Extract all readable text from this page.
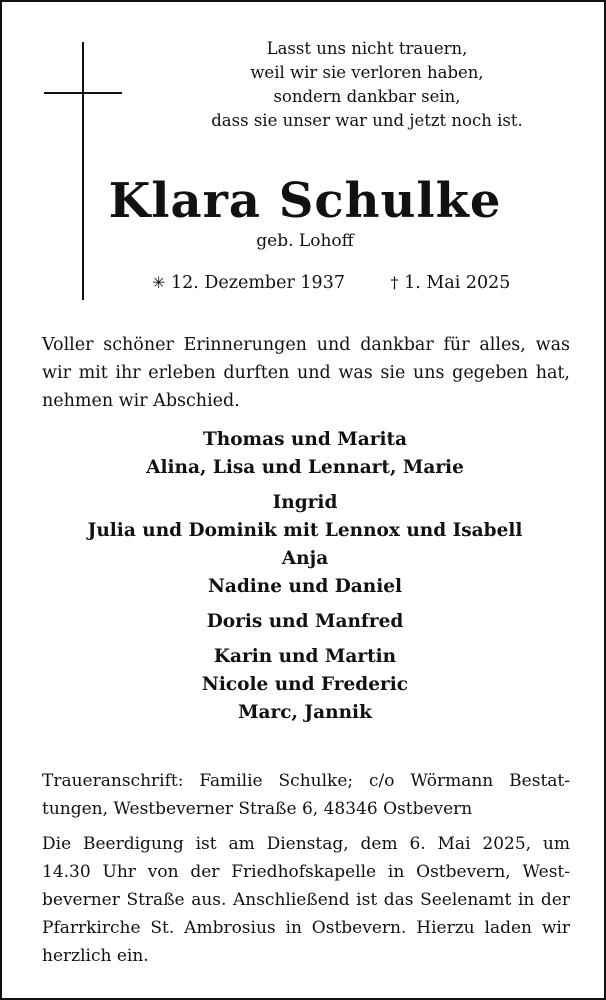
Lasst uns nicht trauern,
weil wir sie verloren haben,
sondern dankbar sein,
dass sie unser war und jetzt noch ist.
Klara Schulke
geb. Lohoff
✳ 12. Dezember 1937	† 1. Mai 2025
Voller schöner Erinnerungen und dankbar für alles, was
wir mit ihr erleben durften und was sie uns gegeben hat,
nehmen wir Abschied.
Thomas und Marita
Alina, Lisa und Lennart, Marie
Ingrid
Julia und Dominik mit Lennox und Isabell
Anja
Nadine und Daniel
Doris und Manfred
Karin und Martin
Nicole und Frederic
Marc, Jannik
Traueranschrift: Familie Schulke; c/o Wörmann Bestat-
tungen, Westbeverner Straße 6, 48346 Ostbevern
Die Beerdigung ist am Dienstag, dem 6. Mai 2025, um
14.30 Uhr von der Friedhofskapelle in Ostbevern, West-
beverner Straße aus. Anschließend ist das Seelenamt in der
Pfarrkirche St. Ambrosius in Ostbevern. Hierzu laden wir
herzlich ein.
